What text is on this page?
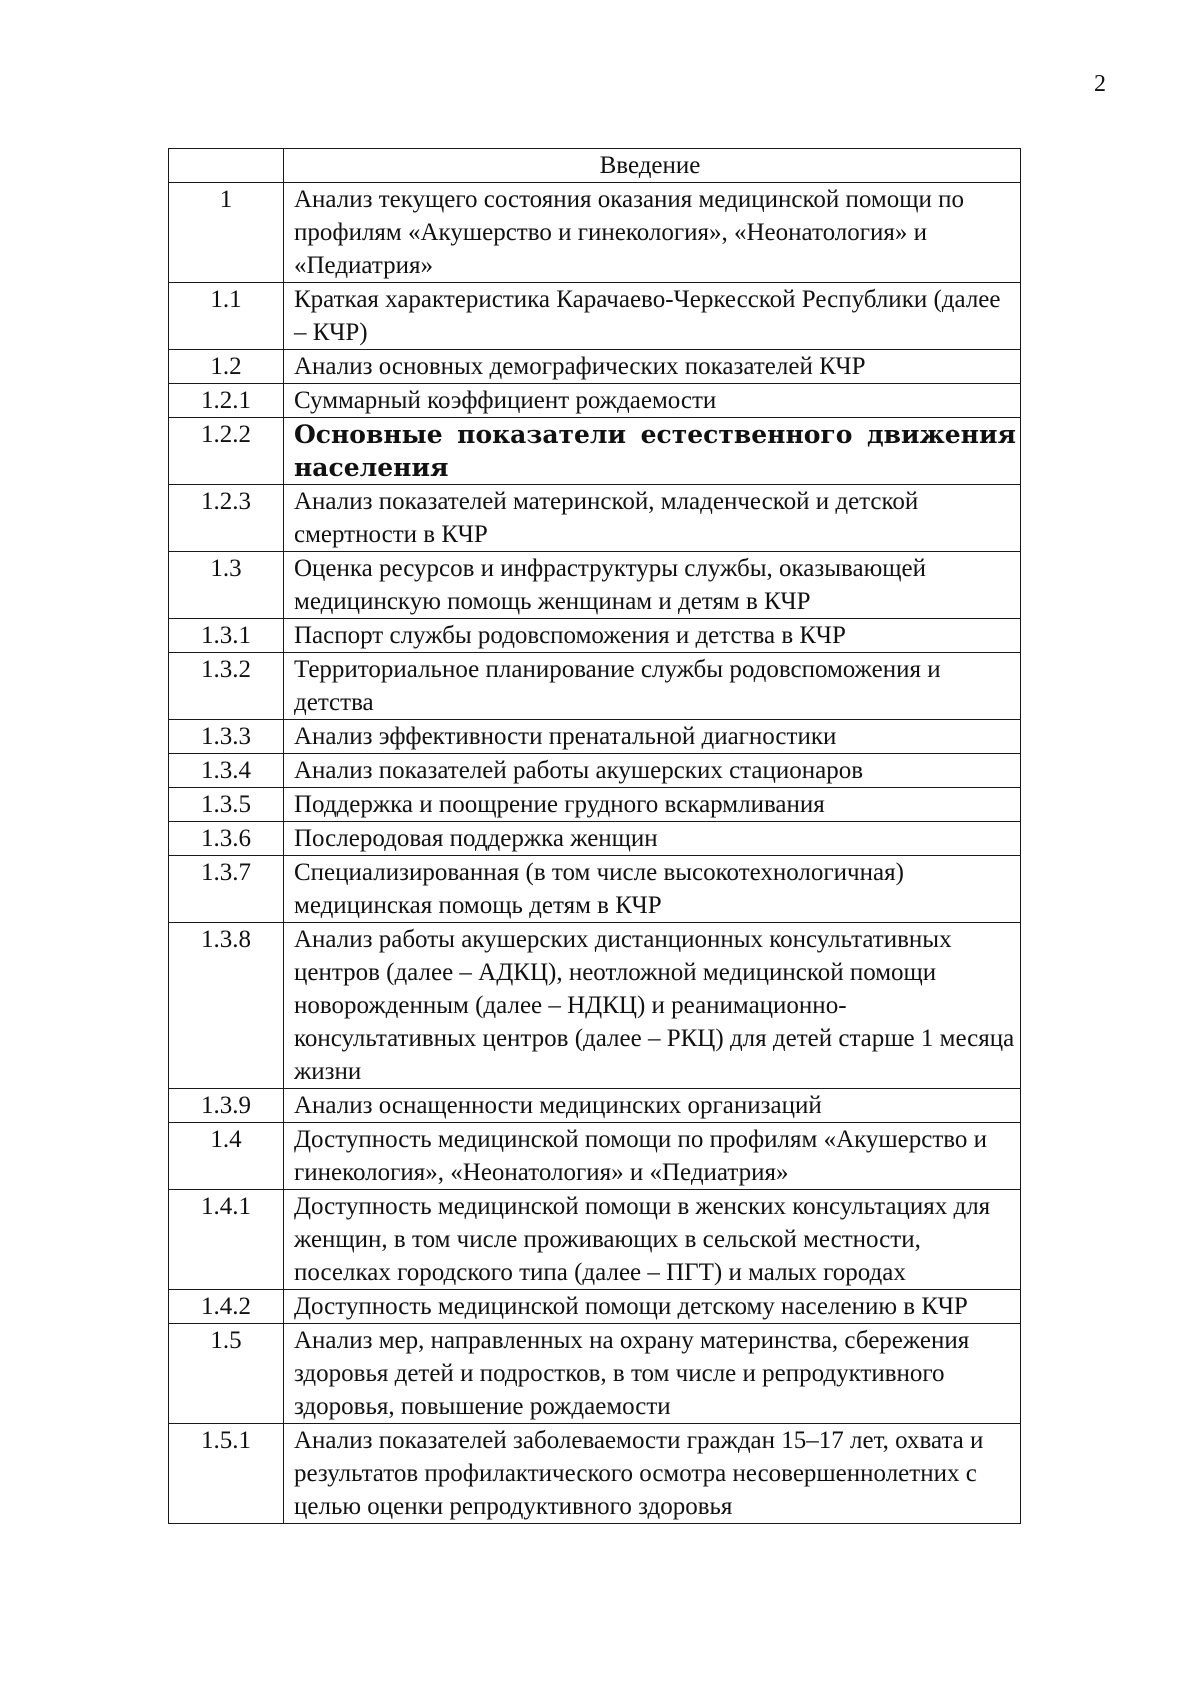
2
	Введение
1	Анализ текущего состояния оказания медицинской помощи по профилям «Акушерство и гинекология», «Неонатология» и «Педиатрия»
1.1	Краткая характеристика Карачаево-Черкесской Республики (далее – КЧР)
1.2	Анализ основных демографических показателей КЧР
1.2.1	Суммарный коэффициент рождаемости
1.2.2	Основные показатели естественного движения населения
1.2.3	Анализ показателей материнской, младенческой и детской смертности в КЧР
1.3	Оценка ресурсов и инфраструктуры службы, оказывающей медицинскую помощь женщинам и детям в КЧР
1.3.1	Паспорт службы родовспоможения и детства в КЧР
1.3.2	Территориальное планирование службы родовспоможения и детства
1.3.3	Анализ эффективности пренатальной диагностики
1.3.4	Анализ показателей работы акушерских стационаров
1.3.5	Поддержка и поощрение грудного вскармливания
1.3.6	Послеродовая поддержка женщин
1.3.7	Специализированная (в том числе высокотехнологичная) медицинская помощь детям в КЧР
1.3.8	Анализ работы акушерских дистанционных консультативных центров (далее – АДКЦ), неотложной медицинской помощи новорожденным (далее – НДКЦ) и реанимационно-консультативных центров (далее – РКЦ) для детей старше 1 месяца жизни
1.3.9	Анализ оснащенности медицинских организаций
1.4	Доступность медицинской помощи по профилям «Акушерство и гинекология», «Неонатология» и «Педиатрия»
1.4.1	Доступность медицинской помощи в женских консультациях для женщин, в том числе проживающих в сельской местности, поселках городского типа (далее – ПГТ) и малых городах
1.4.2	Доступность медицинской помощи детскому населению в КЧР
1.5	Анализ мер, направленных на охрану материнства, сбережения здоровья детей и подростков, в том числе и репродуктивного здоровья, повышение рождаемости
1.5.1	Анализ показателей заболеваемости граждан 15–17 лет, охвата и результатов профилактического осмотра несовершеннолетних с целью оценки репродуктивного здоровья
